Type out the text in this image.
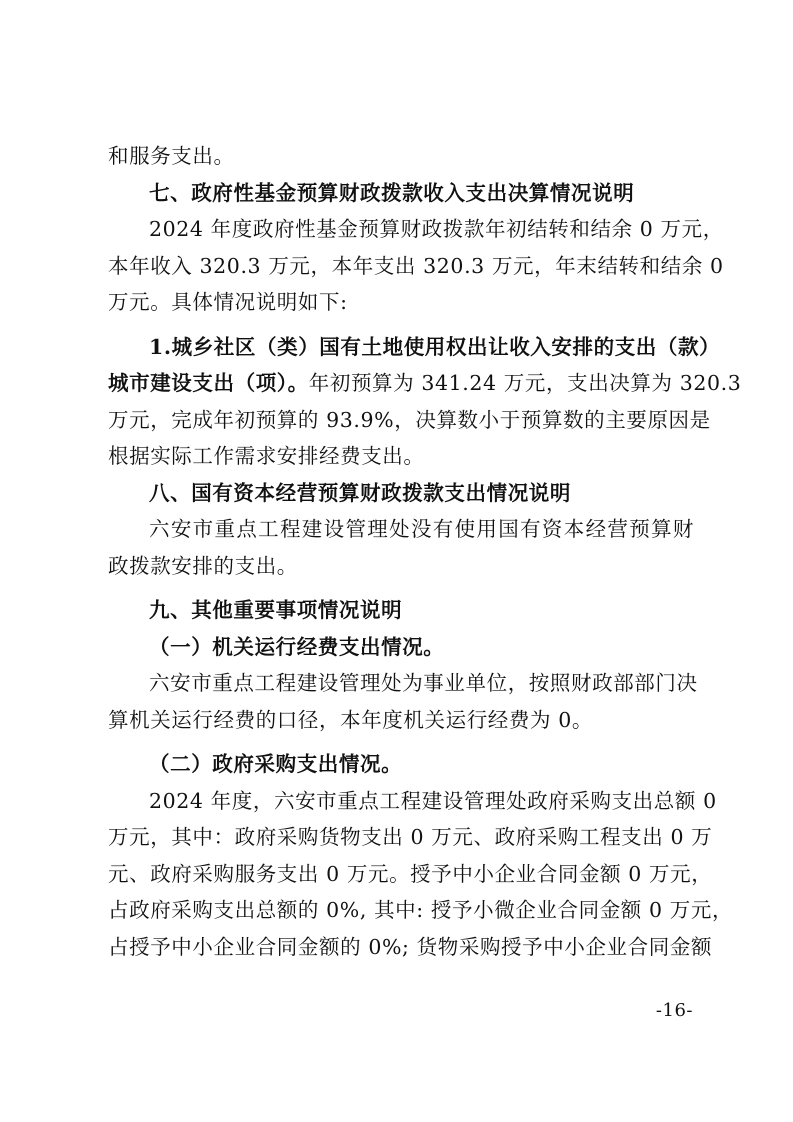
和服务支出。
七、政府性基金预算财政拨款收入支出决算情况说明
2024 年度政府性基金预算财政拨款年初结转和结余 0 万元，
本年收入 320.3 万元，本年支出 320.3 万元，年末结转和结余 0
万元。具体情况说明如下:
1.城乡社区（类）国有土地使用权出让收入安排的支出（款）
城市建设支出（项）。年初预算为 341.24 万元，支出决算为 320.3
万元，完成年初预算的 93.9%，决算数小于预算数的主要原因是
根据实际工作需求安排经费支出。
八、国有资本经营预算财政拨款支出情况说明
六安市重点工程建设管理处没有使用国有资本经营预算财
政拨款安排的支出。
九、其他重要事项情况说明
（一）机关运行经费支出情况。
六安市重点工程建设管理处为事业单位，按照财政部部门决
算机关运行经费的口径，本年度机关运行经费为 0。
（二）政府采购支出情况。
2024 年度，六安市重点工程建设管理处政府采购支出总额 0
万元，其中：政府采购货物支出 0 万元、政府采购工程支出 0 万
元、政府采购服务支出 0 万元。授予中小企业合同金额 0 万元，
占政府采购支出总额的 0%, 其中: 授予小微企业合同金额 0 万元，
占授予中小企业合同金额的 0%; 货物采购授予中小企业合同金额
-16-
